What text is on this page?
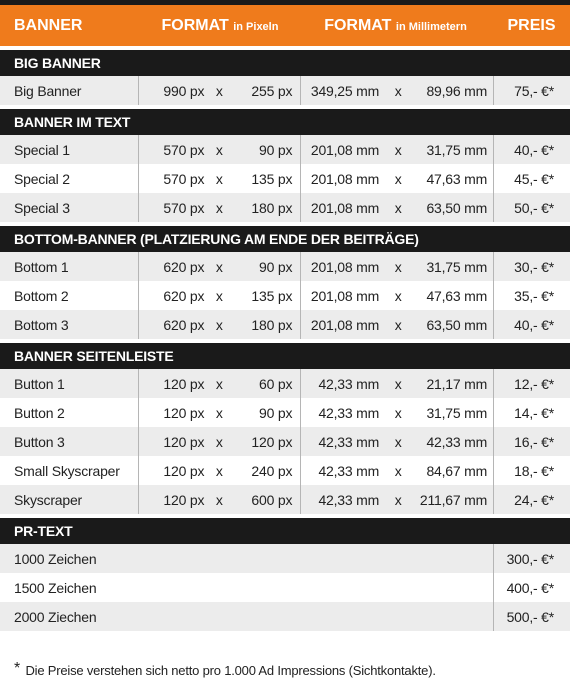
BANNER	FORMAT in Pixeln	FORMAT in Millimetern	PREIS
BIG BANNER
Big Banner	990 px x	255 px 349,25 mm	x	89,96 mm	75,- €*
BANNER IM TEXT
Special 1	570 px x	90 px 201,08 mm	x	31,75 mm	40,- €*
Special 2	570 px x	135 px 201,08 mm	x	47,63 mm	45,- €*
Special 3	570 px x	180 px 201,08 mm	x	63,50 mm	50,- €*
BOTTOM-BANNER (PLATZIERUNG AM ENDE DER BEITRÄGE)
Bottom 1	620 px x	90 px 201,08 mm	x	31,75 mm	30,- €*
Bottom 2	620 px x	135 px 201,08 mm	x	47,63 mm	35,- €*
Bottom 3	620 px x	180 px 201,08 mm	x	63,50 mm	40,- €*
BANNER SEITENLEISTE
Button 1	120 px x	60 px	42,33 mm	x	21,17 mm	12,- €*
Button 2	120 px x	90 px	42,33 mm	x	31,75 mm	14,- €*
Button 3	120 px x	120 px	42,33 mm	x	42,33 mm	16,- €*
Small Skyscraper	120 px x	240 px	42,33 mm	x	84,67 mm	18,- €*
Skyscraper	120 px x	600 px	42,33 mm	x	211,67 mm	24,- €*
PR-TEXT
1000 Zeichen	300,- €*
1500 Zeichen	400,- €*
2000 Ziechen	500,- €*
* Die Preise verstehen sich netto pro 1.000 Ad Impressions (Sichtkontakte).
